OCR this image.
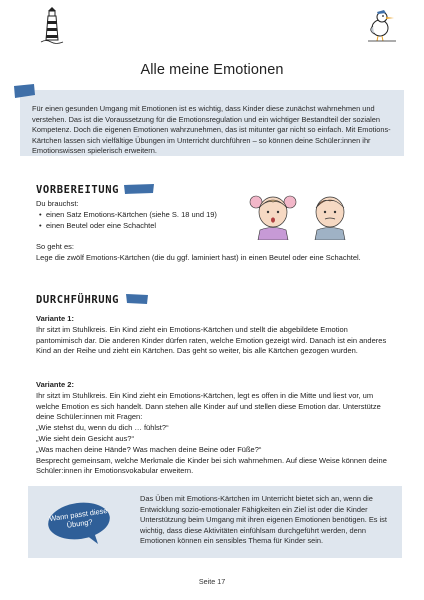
Alle meine Emotionen
Für einen gesunden Umgang mit Emotionen ist es wichtig, dass Kinder diese zunächst wahrnehmen und verstehen. Das ist die Voraussetzung für die Emotionsregulation und ein wichtiger Bestandteil der sozialen Kompetenz. Doch die eigenen Emotionen wahrzunehmen, das ist mitunter gar nicht so einfach. Mit Emotions-Kärtchen lassen sich vielfältige Übungen im Unterricht durchführen – so können deine Schüler:innen ihr Emotionswissen spielerisch erweitern.
VORBEREITUNG
Du brauchst:
• einen Satz Emotions-Kärtchen (siehe S. 18 und 19)
• einen Beutel oder eine Schachtel
So geht es:
Lege die zwölf Emotions-Kärtchen (die du ggf. laminiert hast) in einen Beutel oder eine Schachtel.
DURCHFÜHRUNG
Variante 1:
Ihr sitzt im Stuhlkreis. Ein Kind zieht ein Emotions-Kärtchen und stellt die abgebildete Emotion pantomimisch dar. Die anderen Kinder dürfen raten, welche Emotion gezeigt wird. Danach ist ein anderes Kind an der Reihe und zieht ein Kärtchen. Das geht so weiter, bis alle Kärtchen gezogen wurden.
Variante 2:
Ihr sitzt im Stuhlkreis. Ein Kind zieht ein Emotions-Kärtchen, legt es offen in die Mitte und liest vor, um welche Emotion es sich handelt. Dann stehen alle Kinder auf und stellen diese Emotion dar. Unterstütze deine Schüler:innen mit Fragen:
„Wie stehst du, wenn du dich … fühlst?“
„Wie sieht dein Gesicht aus?“
„Was machen deine Hände? Was machen deine Beine oder Füße?“
Besprecht gemeinsam, welche Merkmale die Kinder bei sich wahrnehmen. Auf diese Weise können deine Schüler:innen ihr Emotionsvokabular erweitern.
Wann passt diese Übung?
Das Üben mit Emotions-Kärtchen im Unterricht bietet sich an, wenn die Entwicklung sozio-emotionaler Fähigkeiten ein Ziel ist oder die Kinder Unterstützung beim Umgang mit ihren eigenen Emotionen benötigen. Es ist wichtig, dass diese Aktivitäten einfühlsam durchgeführt werden, denn Emotionen können ein sensibles Thema für Kinder sein.
Seite 17
